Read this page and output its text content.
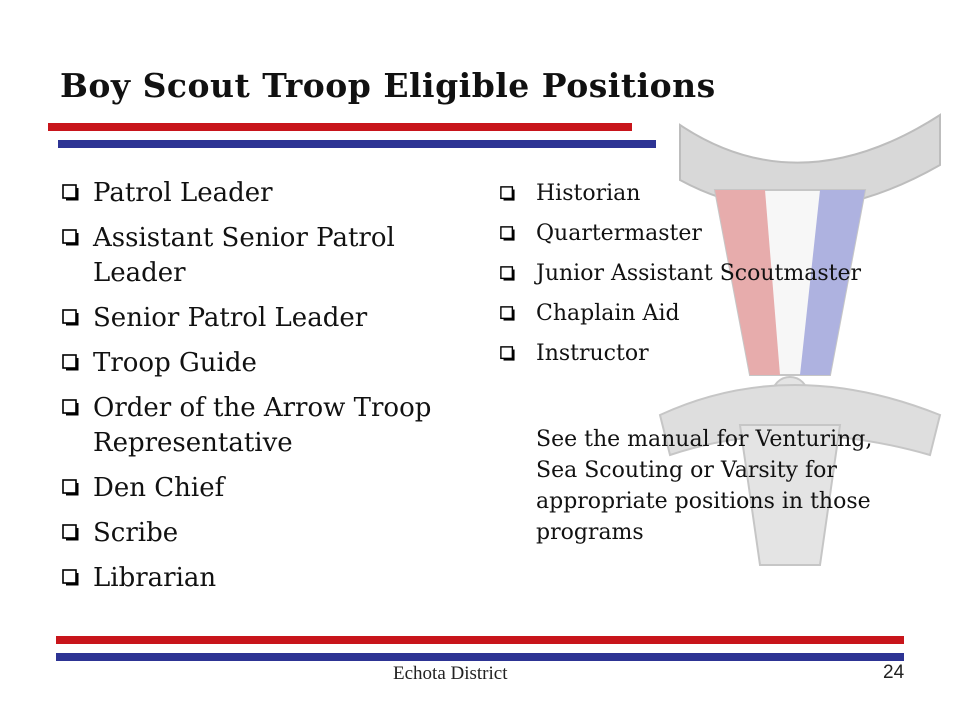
Boy Scout Troop Eligible Positions
Patrol Leader
Assistant Senior Patrol Leader
Senior Patrol Leader
Troop Guide
Order of the Arrow Troop Representative
Den Chief
Scribe
Librarian
Historian
Quartermaster
Junior Assistant Scoutmaster
Chaplain Aid
Instructor

See the manual for Venturing, Sea Scouting or Varsity for appropriate positions in those programs

Echota District	24
